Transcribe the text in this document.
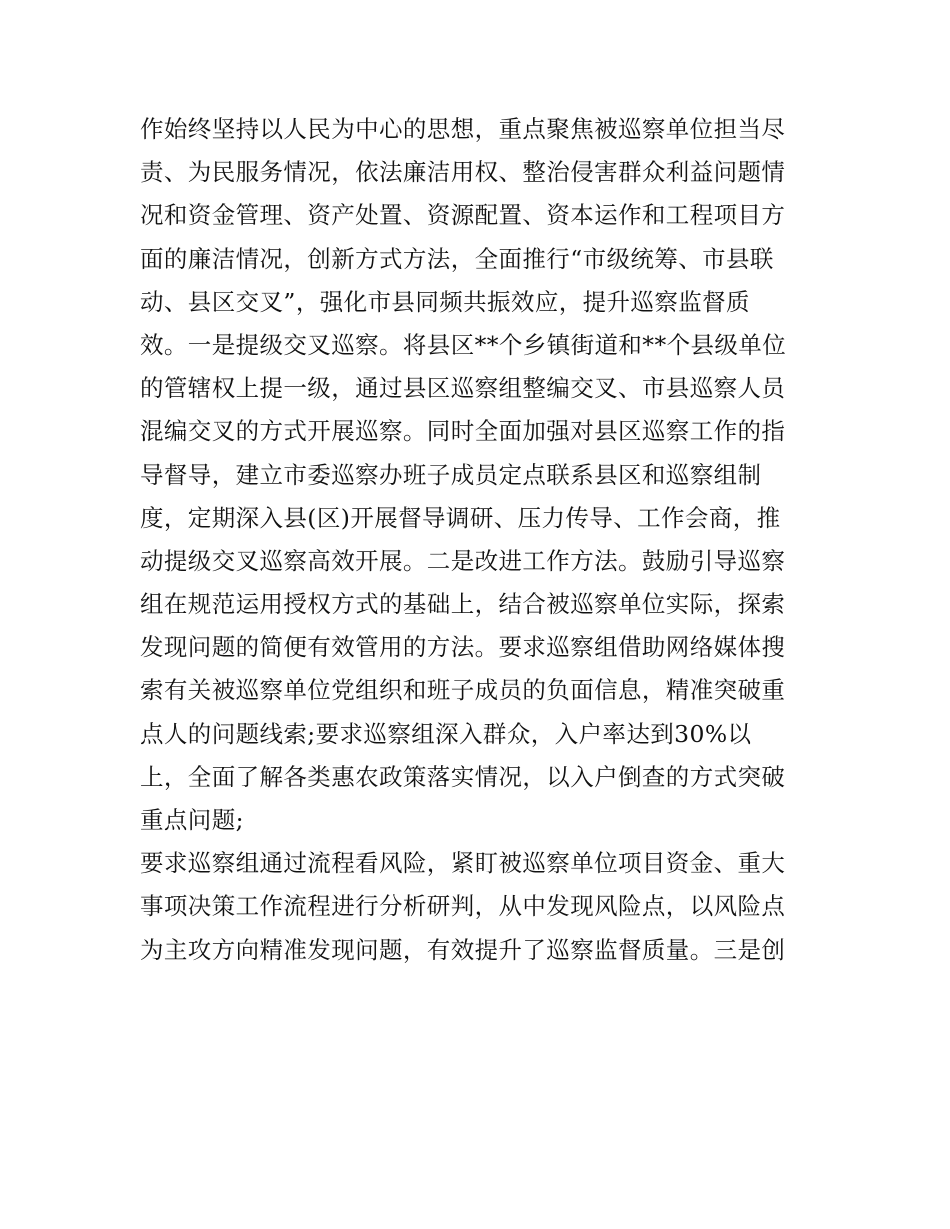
作始终坚持以人民为中心的思想，重点聚焦被巡察单位担当尽
责、为民服务情况，依法廉洁用权、整治侵害群众利益问题情
况和资金管理、资产处置、资源配置、资本运作和工程项目方
面的廉洁情况，创新方式方法，全面推行“市级统筹、市县联
动、县区交叉”，强化市县同频共振效应，提升巡察监督质
效。一是提级交叉巡察。将县区**个乡镇街道和**个县级单位
的管辖权上提一级，通过县区巡察组整编交叉、市县巡察人员
混编交叉的方式开展巡察。同时全面加强对县区巡察工作的指
导督导，建立市委巡察办班子成员定点联系县区和巡察组制
度，定期深入县(区)开展督导调研、压力传导、工作会商，推
动提级交叉巡察高效开展。二是改进工作方法。鼓励引导巡察
组在规范运用授权方式的基础上，结合被巡察单位实际，探索
发现问题的简便有效管用的方法。要求巡察组借助网络媒体搜
索有关被巡察单位党组织和班子成员的负面信息，精准突破重
点人的问题线索;要求巡察组深入群众，入户率达到30%以
上，全面了解各类惠农政策落实情况，以入户倒查的方式突破
重点问题;
要求巡察组通过流程看风险，紧盯被巡察单位项目资金、重大
事项决策工作流程进行分析研判，从中发现风险点，以风险点
为主攻方向精准发现问题，有效提升了巡察监督质量。三是创
